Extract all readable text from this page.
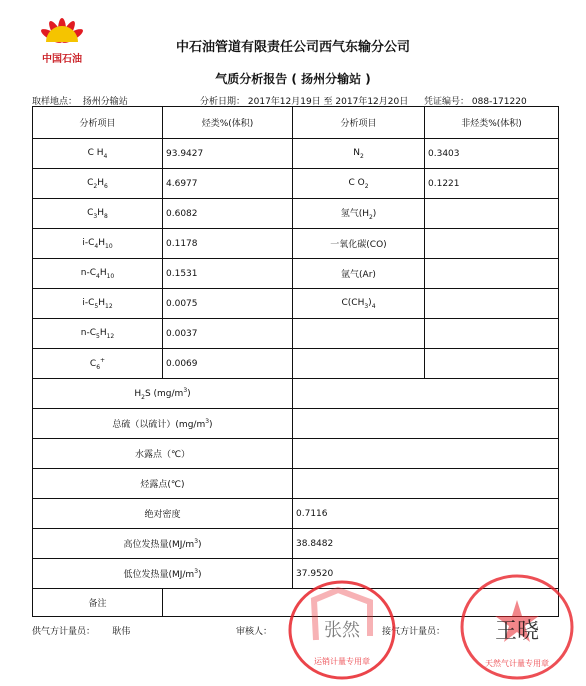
中国石油
中石油管道有限责任公司西气东输分公司
气质分析报告 ( 扬州分输站 )
取样地点： 扬州分输站	分析日期： 2017年12月19日 至 2017年12月20日 凭证编号： 088-171220
分析项目	烃类%(体积)	分析项目	非烃类%(体积)
C $H_4$	93.9427	$N_2$	0.3403
$C_2H_6$	4.6977	C $O_2$	0.1221
$C_3H_8$	0.6082	氢气$(H_2)$	
$i-C_4H_{10}$	0.1178	一氧化碳(CO)	
$n-C_4H_{10}$	0.1531	氩气(Ar)	
$i-C_5H_{12}$	0.0075	$C(CH_3)_4$	
$n-C_5H_{12}$	0.0037		
$C_6^+$	0.0069		
$H_2S$ $(mg/m^3)$			
总硫（以硫计）$(mg/m^3)$			
水露点（℃）			
烃露点(℃)			
绝对密度		0.7116	
高位发热量$(MJ/m^3)$		38.8482	
低位发热量$(MJ/m^3)$		37.9520	
备注			
供气方计量员： 耿伟	审核人：	接气方计量员：
运销计量专用章
张然
天然气计量专用章
王晓
